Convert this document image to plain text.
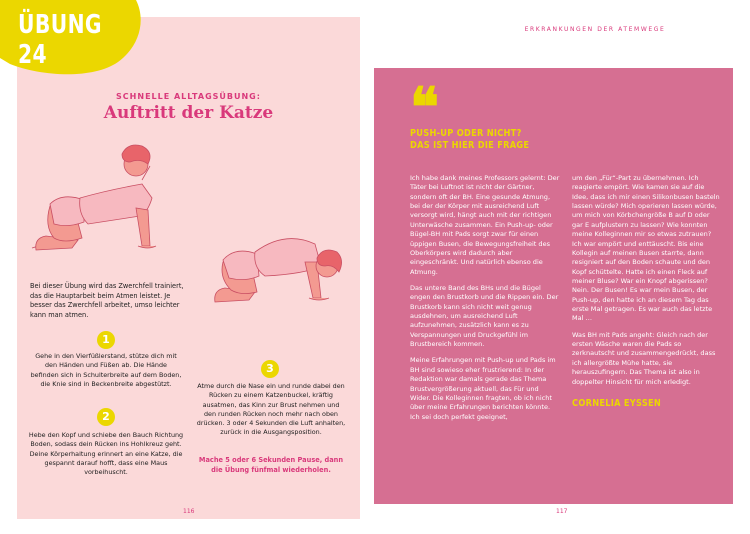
ÜBUNG 24
SCHNELLE ALLTAGSÜBUNG:
Auftritt der Katze
Bei dieser Übung wird das Zwerchfell trainiert, das die Hauptarbeit beim Atmen leistet. Je besser das Zwerchfell arbeitet, umso leichter kann man atmen.
1
Gehe in den Vierfüßlerstand, stütze dich mit den Händen und Füßen ab. Die Hände befinden sich in Schulterbreite auf dem Boden, die Knie sind in Beckenbreite abgestützt.
2
Hebe den Kopf und schiebe den Bauch Richtung Boden, sodass dein Rücken ins Hohlkreuz geht. Deine Körperhaltung erinnert an eine Katze, die gespannt darauf hofft, dass eine Maus vorbeihuscht.
3
Atme durch die Nase ein und runde dabei den Rücken zu einem Katzenbuckel, kräftig ausatmen, das Kinn zur Brust nehmen und den runden Rücken noch mehr nach oben drücken. 3 oder 4 Sekunden die Luft anhalten, zurück in die Ausgangsposition.
Mache 5 oder 6 Sekunden Pause, dann die Übung fünfmal wiederholen.
116
ERKRANKUNGEN DER ATEMWEGE
❝
PUSH-UP ODER NICHT?
DAS IST HIER DIE FRAGE

Ich habe dank meines Professors gelernt: Der Täter bei Luftnot ist nicht der Gärtner, sondern oft der BH. Eine gesunde Atmung, bei der der Körper mit ausreichend Luft versorgt wird, hängt auch mit der richtigen Unterwäsche zusammen. Ein Push-up- oder Bügel-BH mit Pads sorgt zwar für einen üppigen Busen, die Bewegungsfreiheit des Oberkörpers wird dadurch aber eingeschränkt. Und natürlich ebenso die Atmung.

Das untere Band des BHs und die Bügel engen den Brustkorb und die Rippen ein. Der Brustkorb kann sich nicht weit genug ausdehnen, um ausreichend Luft aufzunehmen, zusätzlich kann es zu Verspannungen und Druckgefühl im Brustbereich kommen.

Meine Erfahrungen mit Push-up und Pads im BH sind sowieso eher frustrierend: In der Redaktion war damals gerade das Thema Brustvergrößerung aktuell, das Für und Wider. Die Kolleginnen fragten, ob ich nicht über meine Erfahrungen berichten könnte. Ich sei doch perfekt geeignet,

um den „Für“-Part zu übernehmen. Ich reagierte empört. Wie kamen sie auf die Idee, dass ich mir einen Silikonbusen basteln lassen würde? Mich operieren lassen würde, um mich von Körbchengröße B auf D oder gar E aufplustern zu lassen? Wie konnten meine Kolleginnen mir so etwas zutrauen? Ich war empört und enttäuscht. Bis eine Kollegin auf meinen Busen starrte, dann resigniert auf den Boden schaute und den Kopf schüttelte. Hatte ich einen Fleck auf meiner Bluse? War ein Knopf abgerissen? Nein. Der Busen! Es war mein Busen, der Push-up, den hatte ich an diesem Tag das erste Mal getragen. Es war auch das letzte Mal …

Was BH mit Pads angeht: Gleich nach der ersten Wäsche waren die Pads so zerknautscht und zusammengedrückt, dass ich allergrößte Mühe hatte, sie herauszufingern. Das Thema ist also in doppelter Hinsicht für mich erledigt.

CORNELIA EYSSEN
117
